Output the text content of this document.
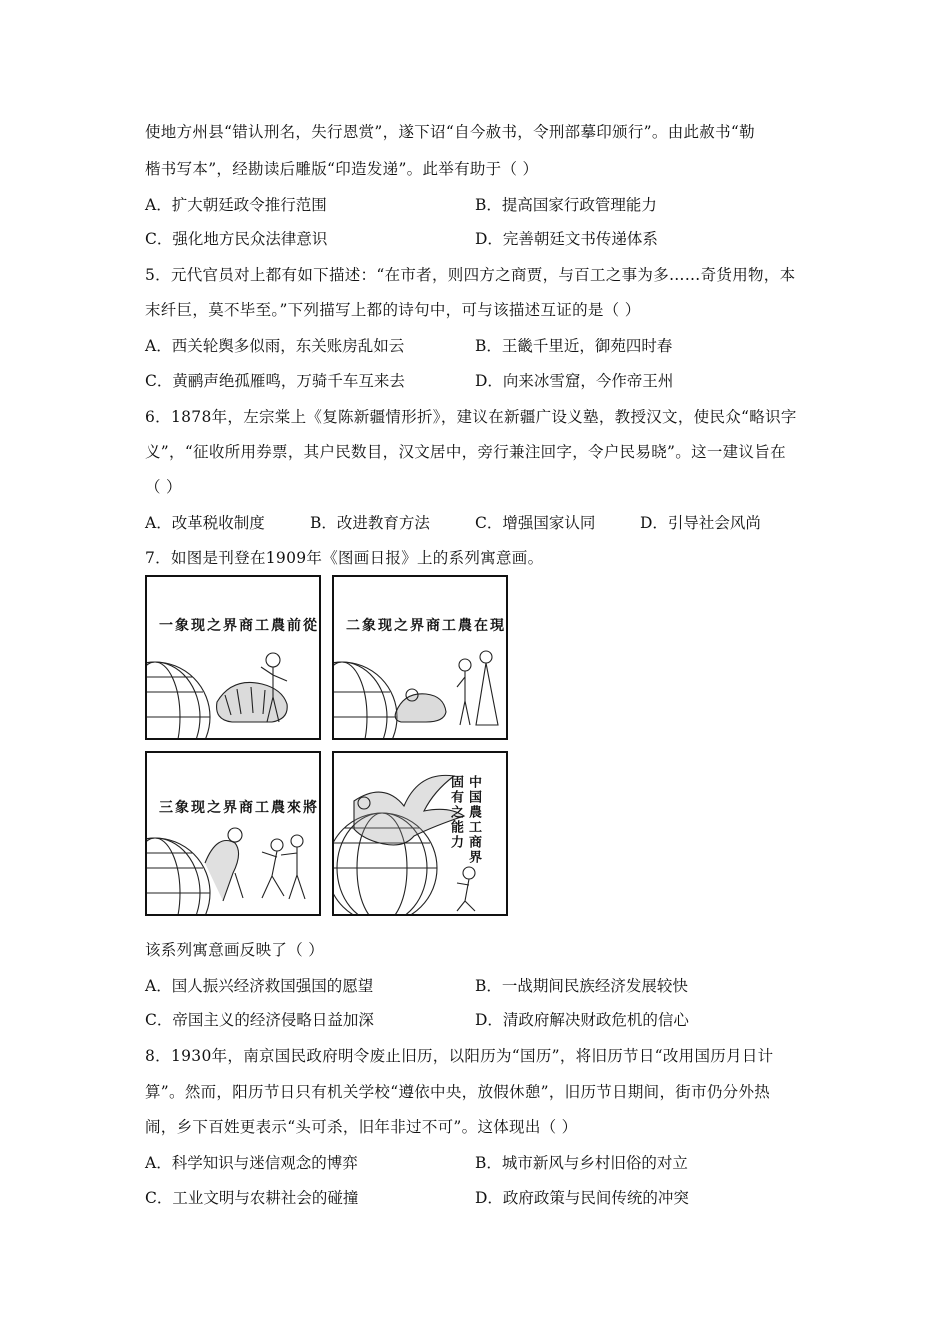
使地方州县“错认刑名，失行恩赏”，遂下诏“自今赦书，令刑部摹印颁行”。由此赦书“勒
楷书写本”，经勘读后雕版“印造发递”。此举有助于（ ）
A．扩大朝廷政令推行范围	B．提高国家行政管理能力
C．强化地方民众法律意识	D．完善朝廷文书传递体系
5．元代官员对上都有如下描述：“在市者，则四方之商贾，与百工之事为多……奇货用物，本
末纤巨，莫不毕至。”下列描写上都的诗句中，可与该描述互证的是（ ）
A．西关轮舆多似雨，东关账房乱如云	B．王畿千里近，御苑四时春
C．黄鹂声绝孤雁鸣，万骑千车互来去	D．向来冰雪窟，今作帝王州
6．1878年，左宗棠上《复陈新疆情形折》，建议在新疆广设义塾，教授汉文，使民众“略识字
义”，“征收所用券票，其户民数目，汉文居中，旁行兼注回字，令户民易晓”。这一建议旨在
（ ）
A．改革税收制度	B．改进教育方法	C．增强国家认同	D．引导社会风尚
7．如图是刊登在1909年《图画日报》上的系列寓意画。
一象现之界商工農前從 二象现之界商工農在現
三象现之界商工農來將	中国農工商界固有之能力
该系列寓意画反映了（ ）
A．国人振兴经济救国强国的愿望	B．一战期间民族经济发展较快
C．帝国主义的经济侵略日益加深	D．清政府解决财政危机的信心
8．1930年，南京国民政府明令废止旧历，以阳历为“国历”，将旧历节日“改用国历月日计
算”。然而，阳历节日只有机关学校“遵依中央，放假休憩”，旧历节日期间，街市仍分外热
闹，乡下百姓更表示“头可杀，旧年非过不可”。这体现出（ ）
A．科学知识与迷信观念的博弈	B．城市新风与乡村旧俗的对立
C．工业文明与农耕社会的碰撞	D．政府政策与民间传统的冲突
